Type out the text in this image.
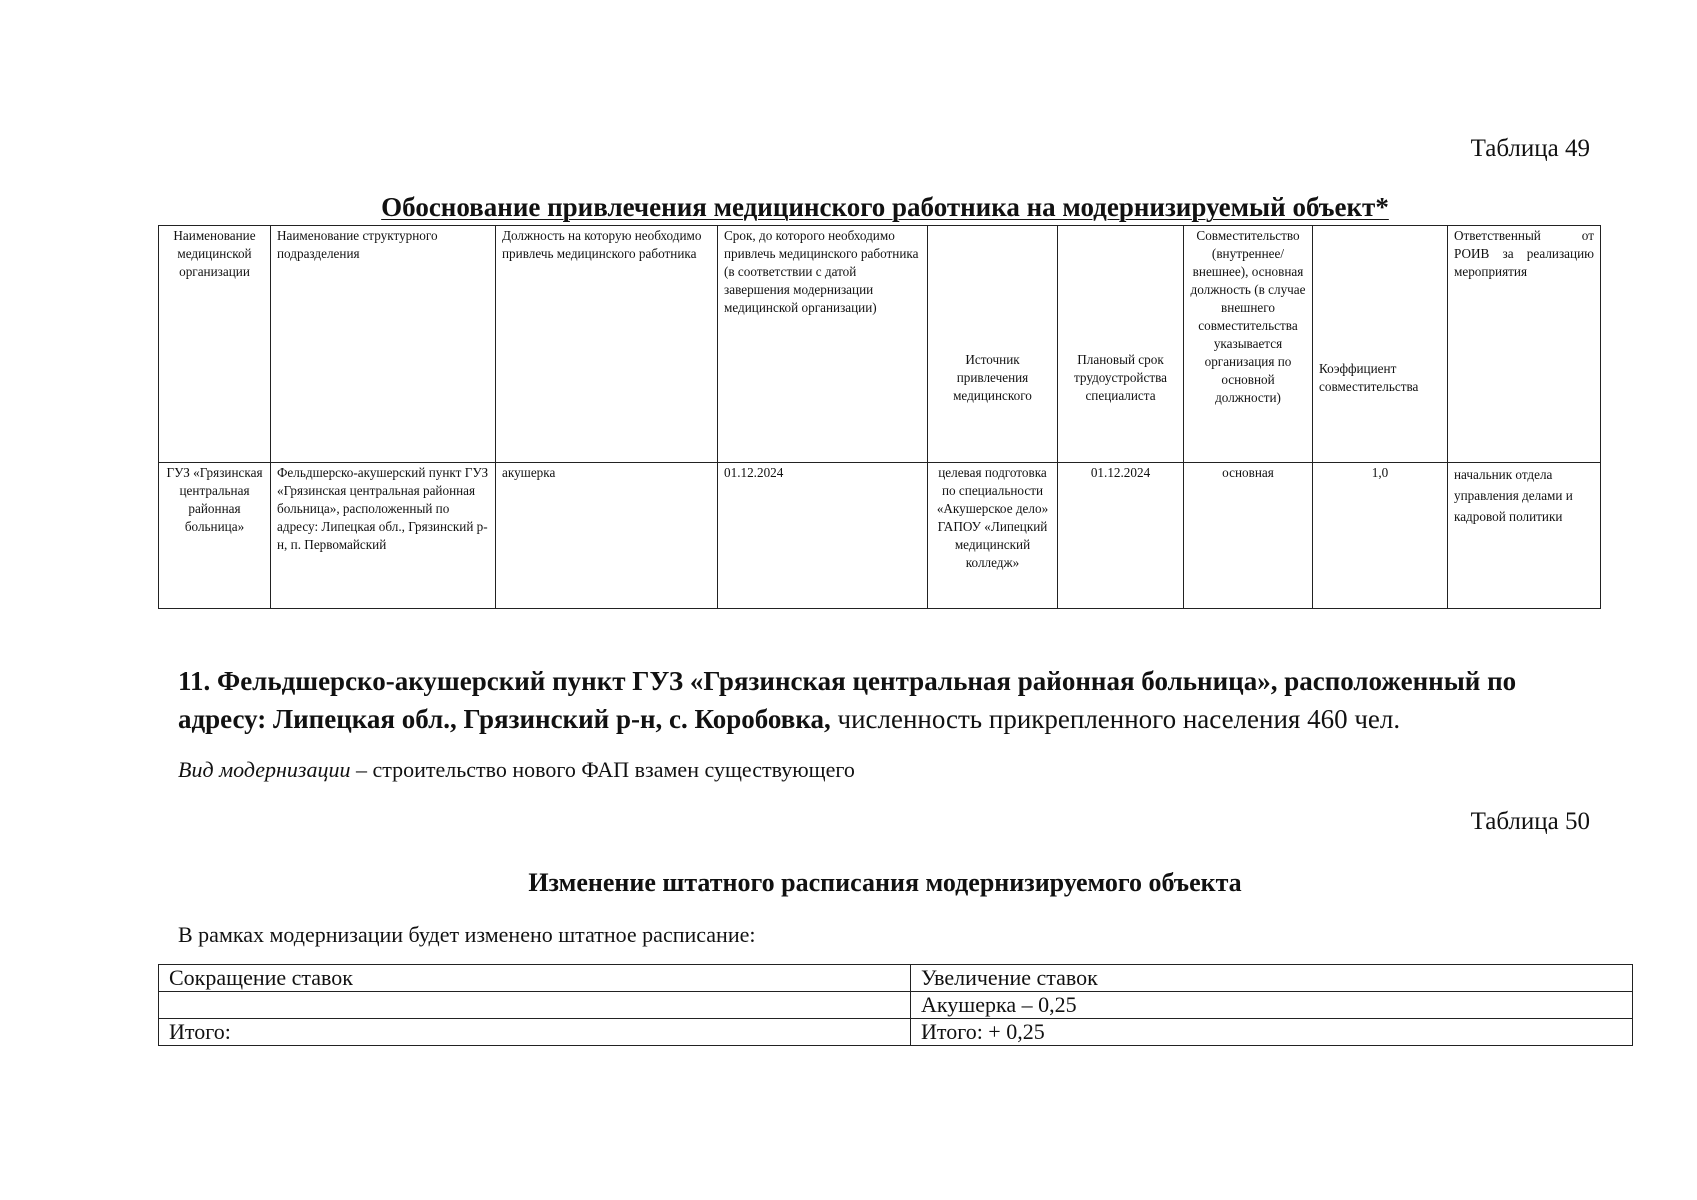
Таблица 49
Обоснование привлечения медицинского работника на модернизируемый объект*
Наименование медицинской организации	Наименование структурного подразделения	Должность на которую необходимо привлечь медицинского работника	Срок, до которого необходимо привлечь медицинского работника (в соответствии с датой завершения модернизации медицинской организации)	Источник привлечения медицинского	Плановый срок трудоустройства специалиста	Совместительство (внутреннее/внешнее), основная должность (в случае внешнего совместительства указывается организация по основной должности)	Коэффициент совместительства	Ответственный от РОИВ за реализацию мероприятия
ГУЗ «Грязинская центральная районная больница»	Фельдшерско-акушерский пункт ГУЗ «Грязинская центральная районная больница», расположенный по адресу: Липецкая обл., Грязинский р-н, п. Первомайский	акушерка	01.12.2024	целевая подготовка по специальности «Акушерское дело» ГАПОУ «Липецкий медицинский колледж»	01.12.2024	основная	1,0	начальник отдела управления делами и кадровой политики
11. Фельдшерско-акушерский пункт ГУЗ «Грязинская центральная районная больница», расположенный по адресу: Липецкая обл., Грязинский р-н, с. Коробовка, численность прикрепленного населения 460 чел.
Вид модернизации – строительство нового ФАП взамен существующего
Таблица 50
Изменение штатного расписания модернизируемого объекта
В рамках модернизации будет изменено штатное расписание:
Сокращение ставок	Увеличение ставок
	Акушерка – 0,25
Итого:	Итого: + 0,25
